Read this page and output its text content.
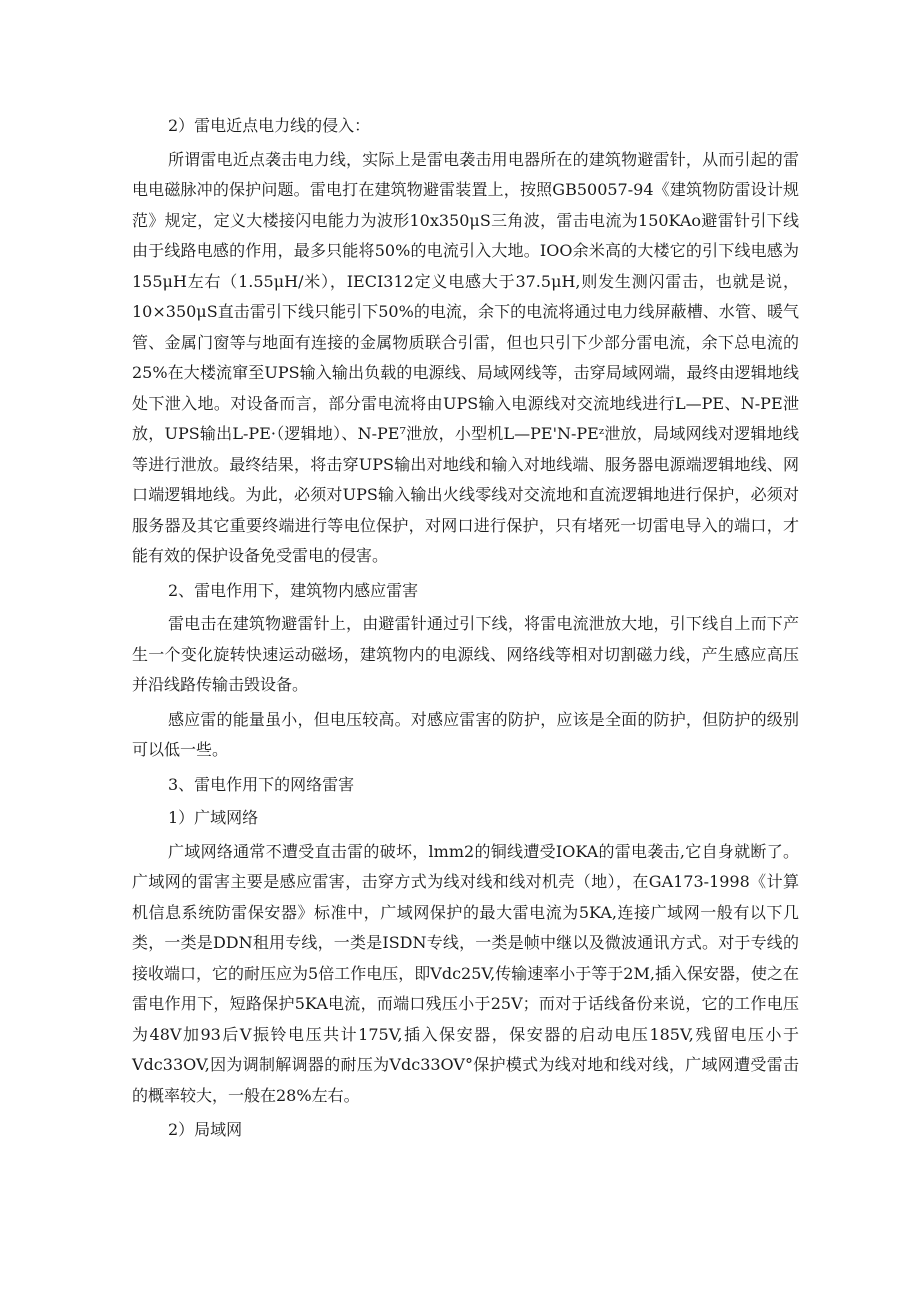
2）雷电近点电力线的侵入：

所谓雷电近点袭击电力线，实际上是雷电袭击用电器所在的建筑物避雷针，从而引起的雷电电磁脉冲的保护问题。雷电打在建筑物避雷装置上，按照GB50057-94《建筑物防雷设计规范》规定，定义大楼接闪电能力为波形10x350μS三角波，雷击电流为150KAo避雷针引下线由于线路电感的作用，最多只能将50%的电流引入大地。IOO余米高的大楼它的引下线电感为155μH左右（1.55μH/米），IECI312定义电感大于37.5μH,则发生测闪雷击，也就是说，10×350μS直击雷引下线只能引下50%的电流，余下的电流将通过电力线屏蔽槽、水管、暖气管、金属门窗等与地面有连接的金属物质联合引雷，但也只引下少部分雷电流，余下总电流的25%在大楼流窜至UPS输入输出负载的电源线、局域网线等，击穿局域网端，最终由逻辑地线处下泄入地。对设备而言，部分雷电流将由UPS输入电源线对交流地线进行L—PE、N-PE泄放，UPS输出L-PE·（逻辑地）、N-PE⁷泄放，小型机L—PE'N-PEᶻ泄放，局域网线对逻辑地线等进行泄放。最终结果，将击穿UPS输出对地线和输入对地线端、服务器电源端逻辑地线、网口端逻辑地线。为此，必须对UPS输入输出火线零线对交流地和直流逻辑地进行保护，必须对服务器及其它重要终端进行等电位保护，对网口进行保护，只有堵死一切雷电导入的端口，才能有效的保护设备免受雷电的侵害。

2、雷电作用下，建筑物内感应雷害

雷电击在建筑物避雷针上，由避雷针通过引下线，将雷电流泄放大地，引下线自上而下产生一个变化旋转快速运动磁场，建筑物内的电源线、网络线等相对切割磁力线，产生感应高压并沿线路传输击毁设备。

感应雷的能量虽小，但电压较高。对感应雷害的防护，应该是全面的防护，但防护的级别可以低一些。

3、雷电作用下的网络雷害

1）广域网络

广域网络通常不遭受直击雷的破坏，lmm2的铜线遭受IOKA的雷电袭击,它自身就断了。广域网的雷害主要是感应雷害，击穿方式为线对线和线对机壳（地），在GA173-1998《计算机信息系统防雷保安器》标准中，广域网保护的最大雷电流为5KA,连接广域网一般有以下几类，一类是DDN租用专线，一类是ISDN专线，一类是帧中继以及微波通讯方式。对于专线的接收端口，它的耐压应为5倍工作电压，即Vdc25V,传输速率小于等于2M,插入保安器，使之在雷电作用下，短路保护5KA电流，而端口残压小于25V；而对于话线备份来说，它的工作电压为48V加93后V振铃电压共计175V,插入保安器，保安器的启动电压185V,残留电压小于Vdc33OV,因为调制解调器的耐压为Vdc33OV°保护模式为线对地和线对线，广域网遭受雷击的概率较大，一般在28%左右。

2）局域网
